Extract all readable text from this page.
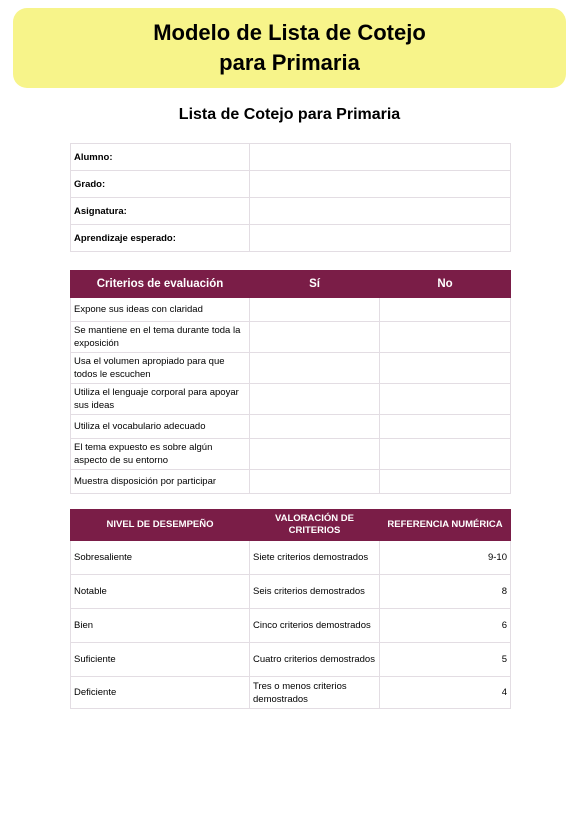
Modelo de Lista de Cotejo
para Primaria
Lista de Cotejo para Primaria
Alumno:	
Grado:	
Asignatura:	
Aprendizaje esperado:	
Criterios de evaluación	Sí	No
Expone sus ideas con claridad		
Se mantiene en el tema durante toda la exposición		
Usa el volumen apropiado para que todos le escuchen		
Utiliza el lenguaje corporal para apoyar sus ideas		
Utiliza el vocabulario adecuado		
El tema expuesto es sobre algún aspecto de su entorno		
Muestra disposición por participar		
NIVEL DE DESEMPEÑO	VALORACIÓN DE CRITERIOS	REFERENCIA NUMÉRICA
Sobresaliente	Siete criterios demostrados	9-10
Notable	Seis criterios demostrados	8
Bien	Cinco criterios demostrados	6
Suficiente	Cuatro criterios demostrados	5
Deficiente	Tres o menos criterios demostrados	4
